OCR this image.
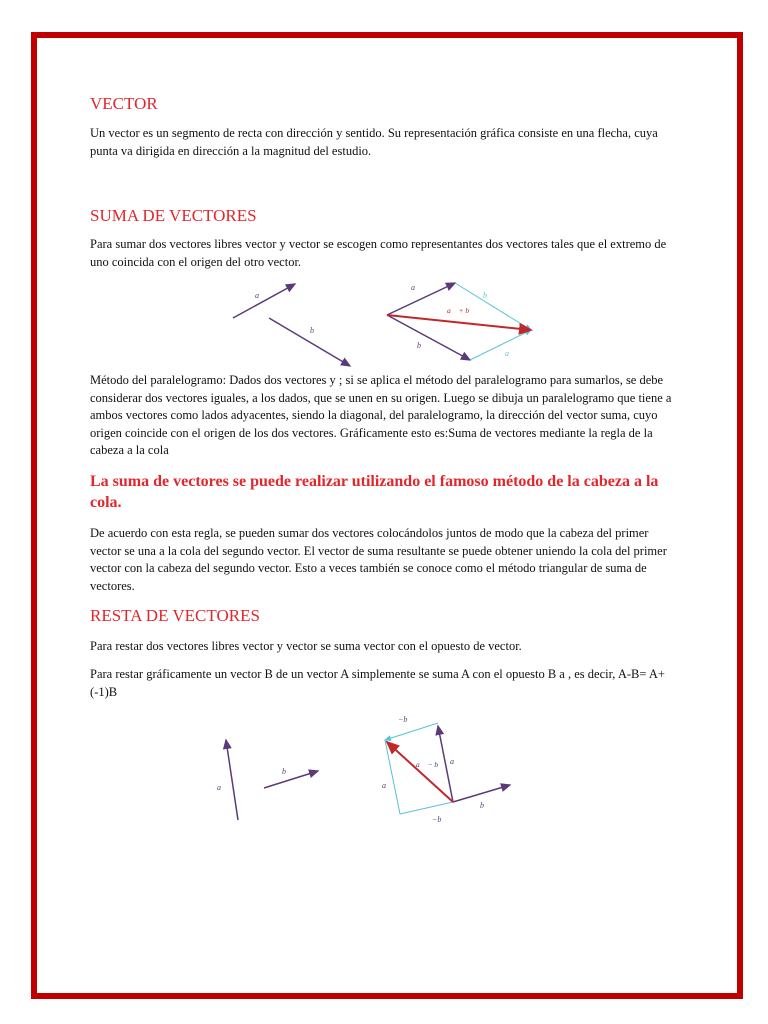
VECTOR

Un vector es un segmento de recta con dirección y sentido. Su representación gráfica consiste en una flecha, cuya punta va dirigida en dirección a la magnitud del estudio.

SUMA DE VECTORES

Para sumar dos vectores libres vector y vector se escogen como representantes dos vectores tales que el extremo de uno coincida con el origen del otro vector.

a⃗
b⃗
a⃗
b⃗
b⃗
a⃗
a⃗ + b⃗

Método del paralelogramo: Dados dos vectores y ; si se aplica el método del paralelogramo para sumarlos, se debe considerar dos vectores iguales, a los dados, que se unen en su origen. Luego se dibuja un paralelogramo que tiene a ambos vectores como lados adyacentes, siendo la diagonal, del paralelogramo, la dirección del vector suma, cuyo origen coincide con el origen de los dos vectores. Gráficamente esto es:Suma de vectores mediante la regla de la cabeza a la cola

La suma de vectores se puede realizar utilizando el famoso método de la cabeza a la cola.

De acuerdo con esta regla, se pueden sumar dos vectores colocándolos juntos de modo que la cabeza del primer vector se una a la cola del segundo vector. El vector de suma resultante se puede obtener uniendo la cola del primer vector con la cabeza del segundo vector. Esto a veces también se conoce como el método triangular de suma de vectores.

RESTA DE VECTORES

Para restar dos vectores libres vector y vector se suma vector con el opuesto de vector.

Para restar gráficamente un vector B de un vector A simplemente se suma A con el opuesto B a , es decir, A-B= A+(-1)B

a⃗
b⃗
−b⃗
a⃗
−b⃗
a⃗
b⃗
a⃗ − b⃗
